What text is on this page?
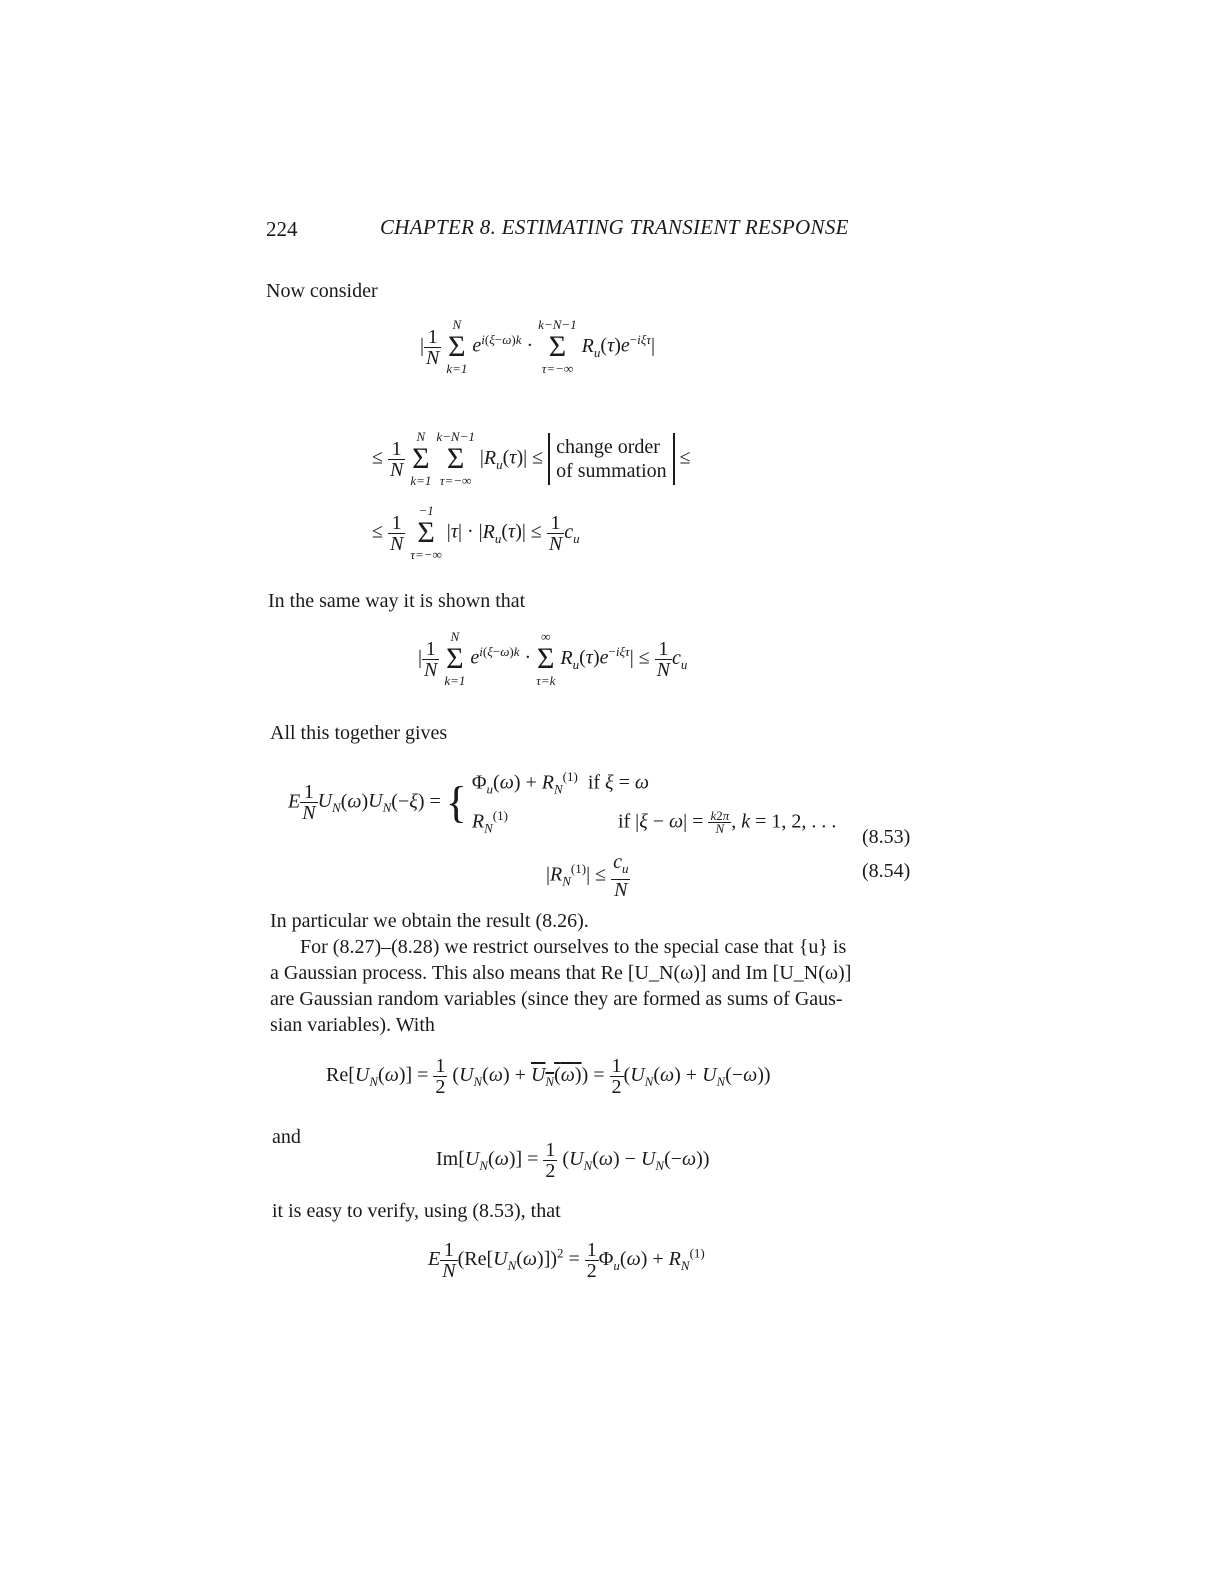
224	CHAPTER 8. ESTIMATING TRANSIENT RESPONSE
Now consider
| $\frac{1}{N}$

N
Σ
k=1
$e^{i(\xi-\omega)k}$ ·
k−N−1
Σ
τ=−∞
$R_u(\tau)e^{-i\xi\tau}|$
≤ $\frac{1}{N}$

N
Σ
k=1

k−N−1
Σ
τ=−∞
$|R_u(\tau)|$ ≤ change order
of summation
≤
≤ $\frac{1}{N}$

−1
Σ
τ=−∞
$|\tau| \cdot |R_u(\tau)| \le \frac{1}{N} c_u$
In the same way it is shown that
| $\frac{1}{N}$

N
Σ
k=1
$e^{i(\xi-\omega)k}$ ·
∞
Σ
τ=k
$R_u(\tau)e^{-i\xi\tau}| \le \frac{1}{N} c_u$
All this together gives
E $\frac{1}{N} U_N(\omega)U_N(-\xi)$ = { $\Phi_u(\omega) + R_N^{(1)}$  if ξ = ω
$R_N^{(1)}$	if $|\xi - \omega| = \frac{k2\pi}{N}$ , k = 1, 2, . . .
(8.53)
$|R_N^{(1)}| \le \frac{c_u}{N}$	(8.54)
In particular we obtain the result (8.26).
For (8.27)–(8.28) we restrict ourselves to the special case that {u} is
a Gaussian process. This also means that Re [U_N(ω)] and Im [U_N(ω)]
are Gaussian random variables (since they are formed as sums of Gaus-
sian variables). With
$Re[U_N(\omega)] = \frac{1}{2} (U_N(\omega) + U_N(\omega)) = \frac{1}{2} (U_N(\omega) + U_N(-\omega))$
and
$Im[U_N(\omega)] = \frac{1}{2} (U_N(\omega) - U_N(-\omega))$
it is easy to verify, using (8.53), that
E $\frac{1}{N} (Re[U_N(\omega)])^2 = \frac{1}{2} \Phi_u(\omega) + R_N^{(1)}$
